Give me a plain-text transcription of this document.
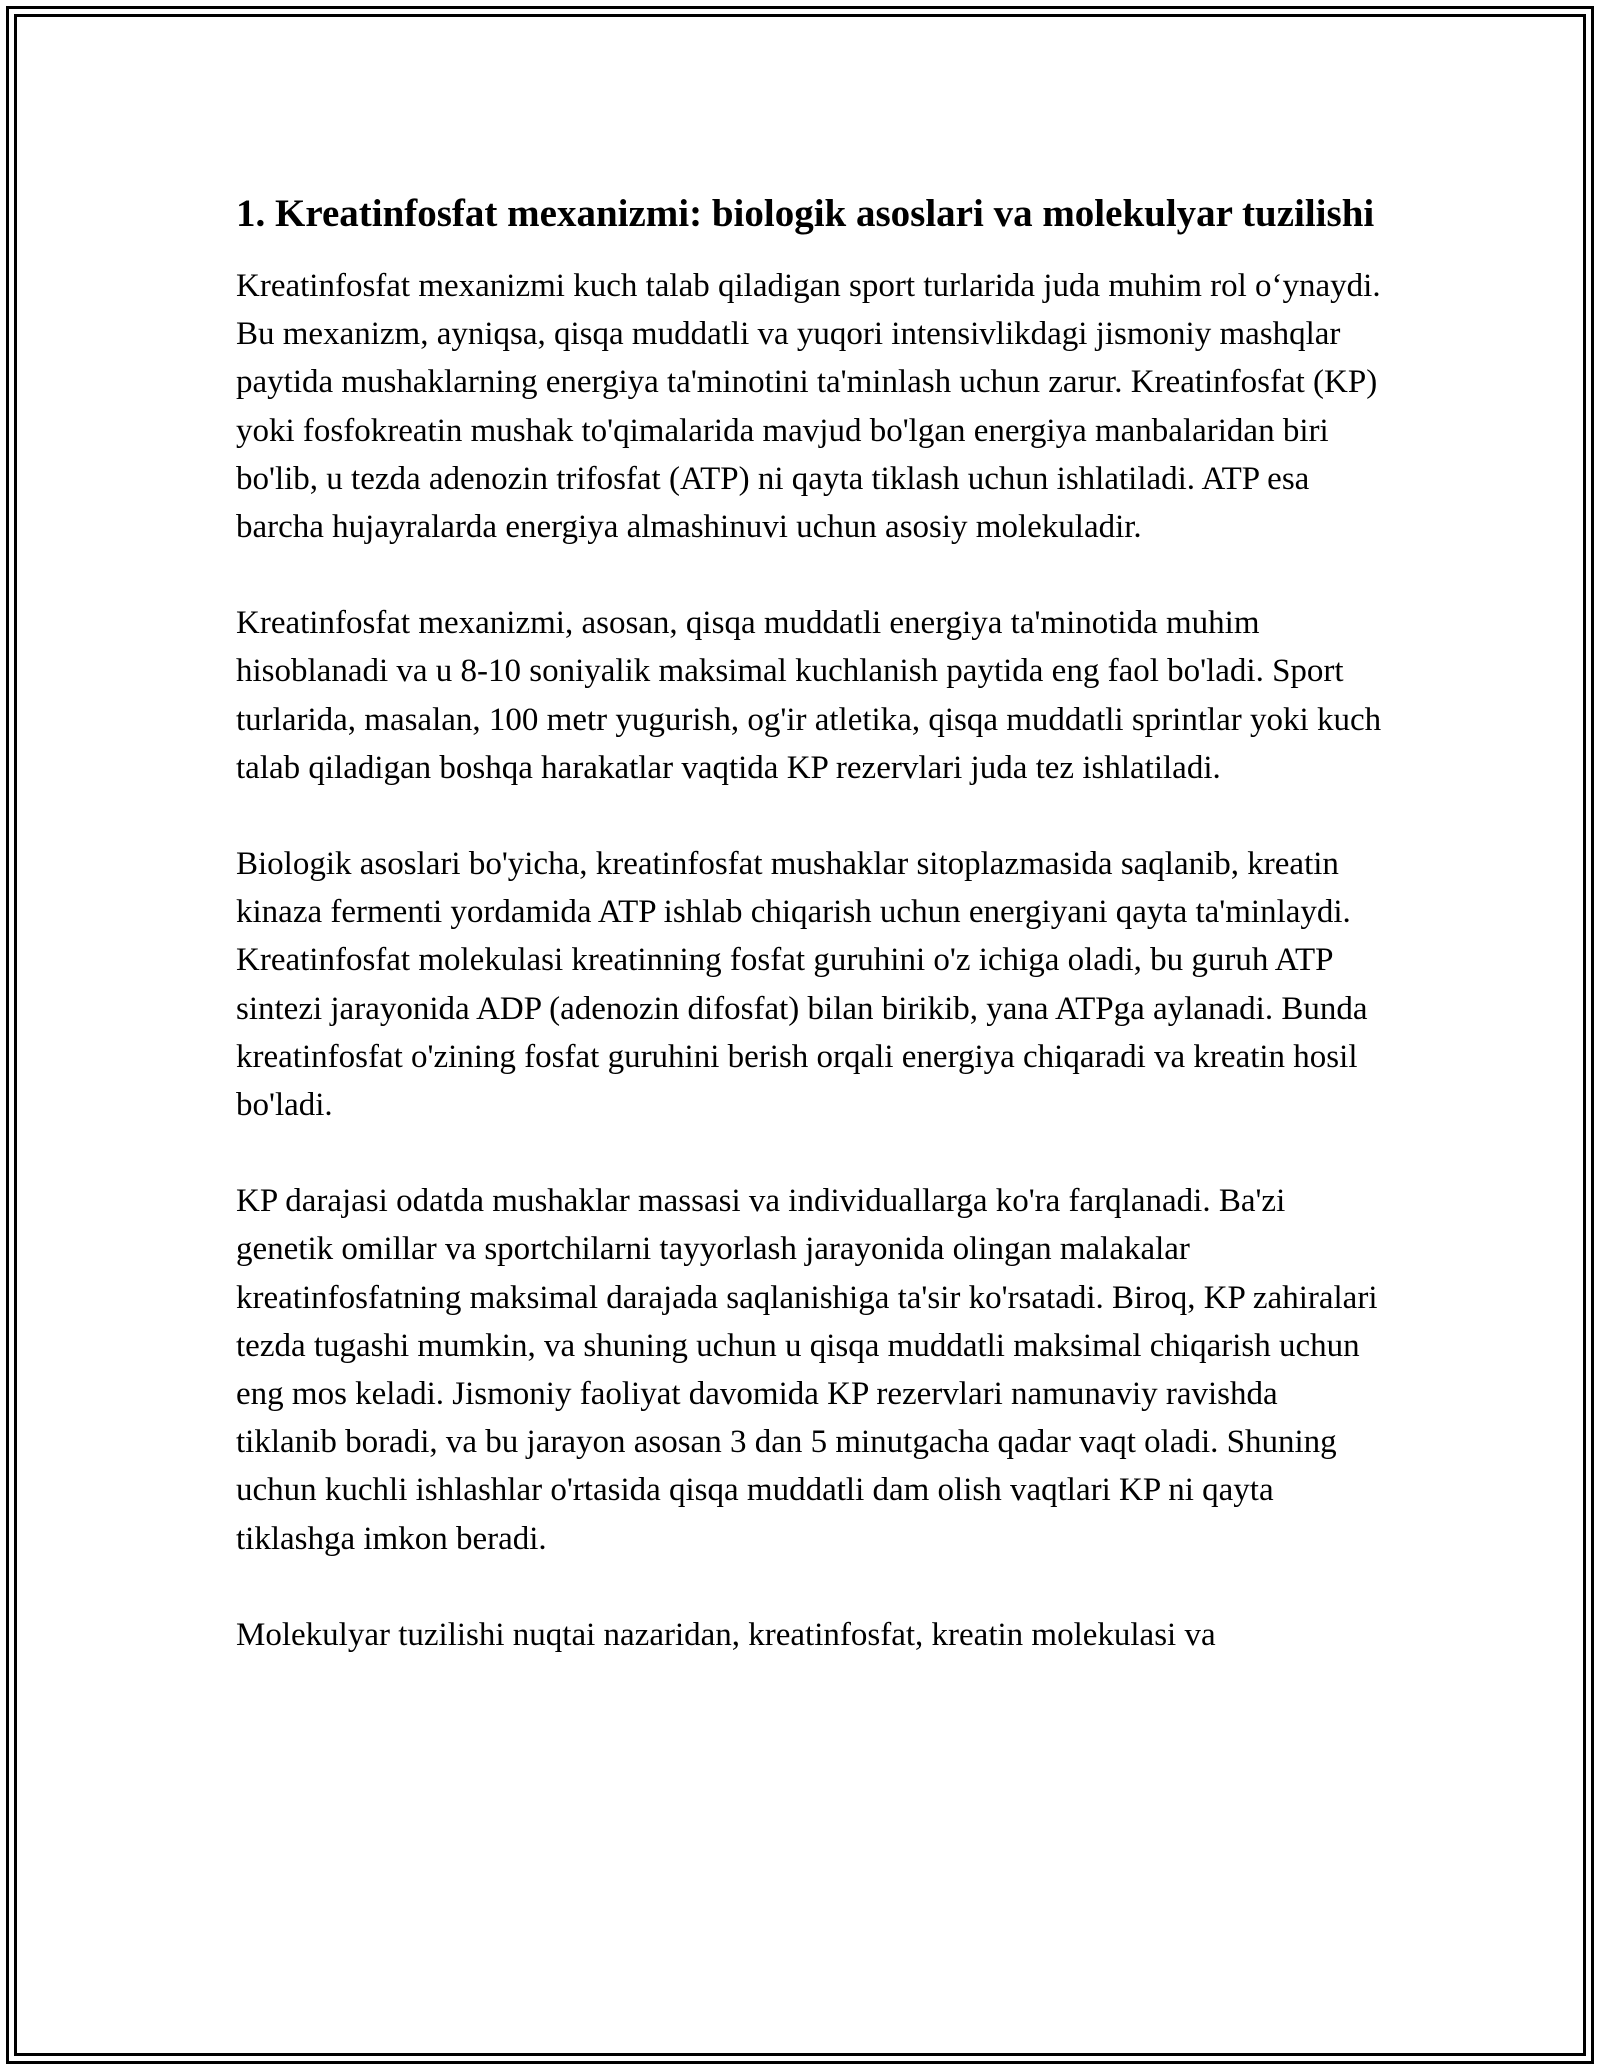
1. Kreatinfosfat mexanizmi: biologik asoslari va molekulyar tuzilishi

Kreatinfosfat mexanizmi kuch talab qiladigan sport turlarida juda muhim rol o‘ynaydi. Bu mexanizm, ayniqsa, qisqa muddatli va yuqori intensivlikdagi jismoniy mashqlar paytida mushaklarning energiya ta'minotini ta'minlash uchun zarur. Kreatinfosfat (KP) yoki fosfokreatin mushak to'qimalarida mavjud bo'lgan energiya manbalaridan biri bo'lib, u tezda adenozin trifosfat (ATP) ni qayta tiklash uchun ishlatiladi. ATP esa barcha hujayralarda energiya almashinuvi uchun asosiy molekuladir.

Kreatinfosfat mexanizmi, asosan, qisqa muddatli energiya ta'minotida muhim hisoblanadi va u 8-10 soniyalik maksimal kuchlanish paytida eng faol bo'ladi. Sport turlarida, masalan, 100 metr yugurish, og'ir atletika, qisqa muddatli sprintlar yoki kuch talab qiladigan boshqa harakatlar vaqtida KP rezervlari juda tez ishlatiladi.

Biologik asoslari bo'yicha, kreatinfosfat mushaklar sitoplazmasida saqlanib, kreatin kinaza fermenti yordamida ATP ishlab chiqarish uchun energiyani qayta ta'minlaydi. Kreatinfosfat molekulasi kreatinning fosfat guruhini o'z ichiga oladi, bu guruh ATP sintezi jarayonida ADP (adenozin difosfat) bilan birikib, yana ATPga aylanadi. Bunda kreatinfosfat o'zining fosfat guruhini berish orqali energiya chiqaradi va kreatin hosil bo'ladi.

KP darajasi odatda mushaklar massasi va individuallarga ko'ra farqlanadi. Ba'zi genetik omillar va sportchilarni tayyorlash jarayonida olingan malakalar kreatinfosfatning maksimal darajada saqlanishiga ta'sir ko'rsatadi. Biroq, KP zahiralari tezda tugashi mumkin, va shuning uchun u qisqa muddatli maksimal chiqarish uchun eng mos keladi. Jismoniy faoliyat davomida KP rezervlari namunaviy ravishda tiklanib boradi, va bu jarayon asosan 3 dan 5 minutgacha qadar vaqt oladi. Shuning uchun kuchli ishlashlar o'rtasida qisqa muddatli dam olish vaqtlari KP ni qayta tiklashga imkon beradi.

Molekulyar tuzilishi nuqtai nazaridan, kreatinfosfat, kreatin molekulasi va
